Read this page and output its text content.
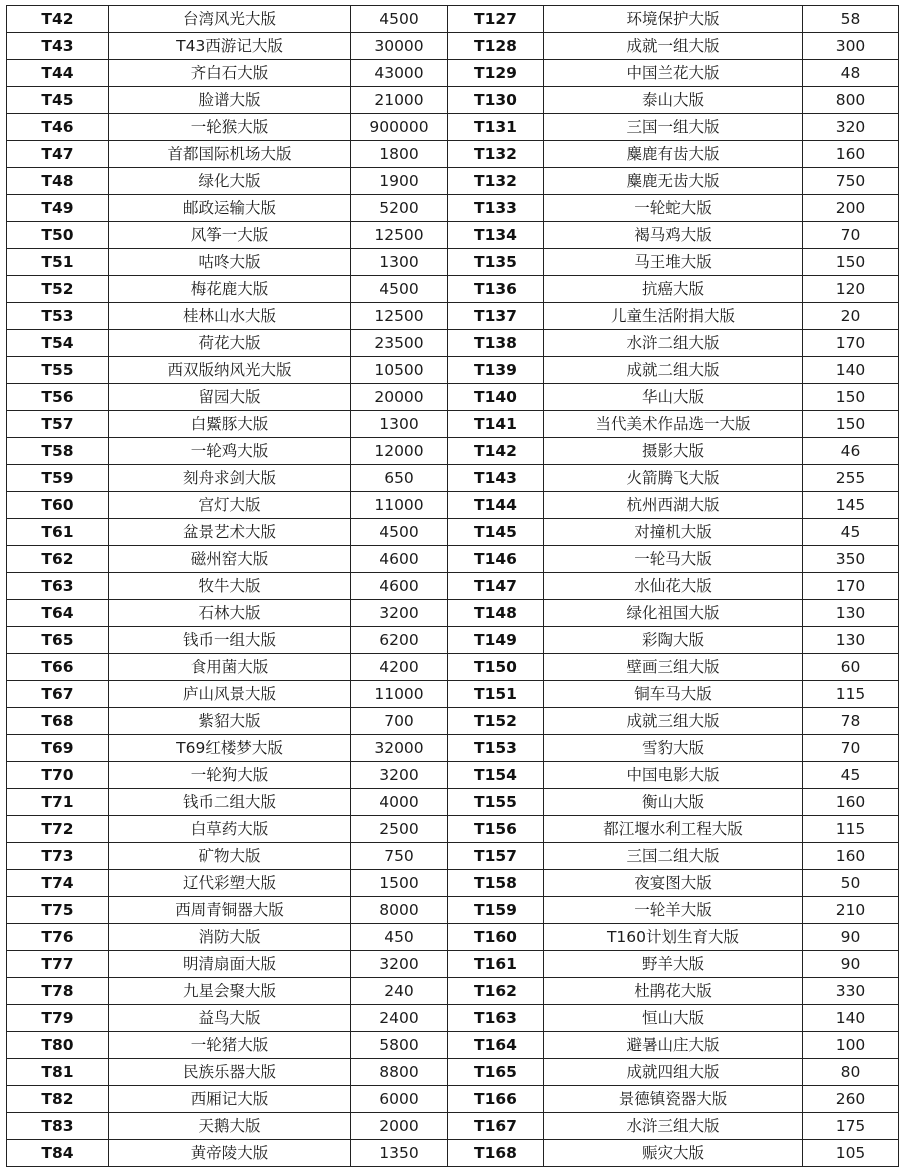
T42	台湾风光大版	4500	T127	环境保护大版	58
T43	T43西游记大版	30000	T128	成就一组大版	300
T44	齐白石大版	43000	T129	中国兰花大版	48
T45	脸谱大版	21000	T130	泰山大版	800
T46	一轮猴大版	900000	T131	三国一组大版	320
T47	首都国际机场大版	1800	T132	麋鹿有齿大版	160
T48	绿化大版	1900	T132	麋鹿无齿大版	750
T49	邮政运输大版	5200	T133	一轮蛇大版	200
T50	风筝一大版	12500	T134	褐马鸡大版	70
T51	咕咚大版	1300	T135	马王堆大版	150
T52	梅花鹿大版	4500	T136	抗癌大版	120
T53	桂林山水大版	12500	T137	儿童生活附捐大版	20
T54	荷花大版	23500	T138	水浒二组大版	170
T55	西双版纳风光大版	10500	T139	成就二组大版	140
T56	留园大版	20000	T140	华山大版	150
T57	白鱀豚大版	1300	T141	当代美术作品选一大版	150
T58	一轮鸡大版	12000	T142	摄影大版	46
T59	刻舟求剑大版	650	T143	火箭腾飞大版	255
T60	宫灯大版	11000	T144	杭州西湖大版	145
T61	盆景艺术大版	4500	T145	对撞机大版	45
T62	磁州窑大版	4600	T146	一轮马大版	350
T63	牧牛大版	4600	T147	水仙花大版	170
T64	石林大版	3200	T148	绿化祖国大版	130
T65	钱币一组大版	6200	T149	彩陶大版	130
T66	食用菌大版	4200	T150	壁画三组大版	60
T67	庐山风景大版	11000	T151	铜车马大版	115
T68	紫貂大版	700	T152	成就三组大版	78
T69	T69红楼梦大版	32000	T153	雪豹大版	70
T70	一轮狗大版	3200	T154	中国电影大版	45
T71	钱币二组大版	4000	T155	衡山大版	160
T72	白草药大版	2500	T156	都江堰水利工程大版	115
T73	矿物大版	750	T157	三国二组大版	160
T74	辽代彩塑大版	1500	T158	夜宴图大版	50
T75	西周青铜器大版	8000	T159	一轮羊大版	210
T76	消防大版	450	T160	T160计划生育大版	90
T77	明清扇面大版	3200	T161	野羊大版	90
T78	九星会聚大版	240	T162	杜鹃花大版	330
T79	益鸟大版	2400	T163	恒山大版	140
T80	一轮猪大版	5800	T164	避暑山庄大版	100
T81	民族乐器大版	8800	T165	成就四组大版	80
T82	西厢记大版	6000	T166	景德镇瓷器大版	260
T83	天鹅大版	2000	T167	水浒三组大版	175
T84	黄帝陵大版	1350	T168	赈灾大版	105
